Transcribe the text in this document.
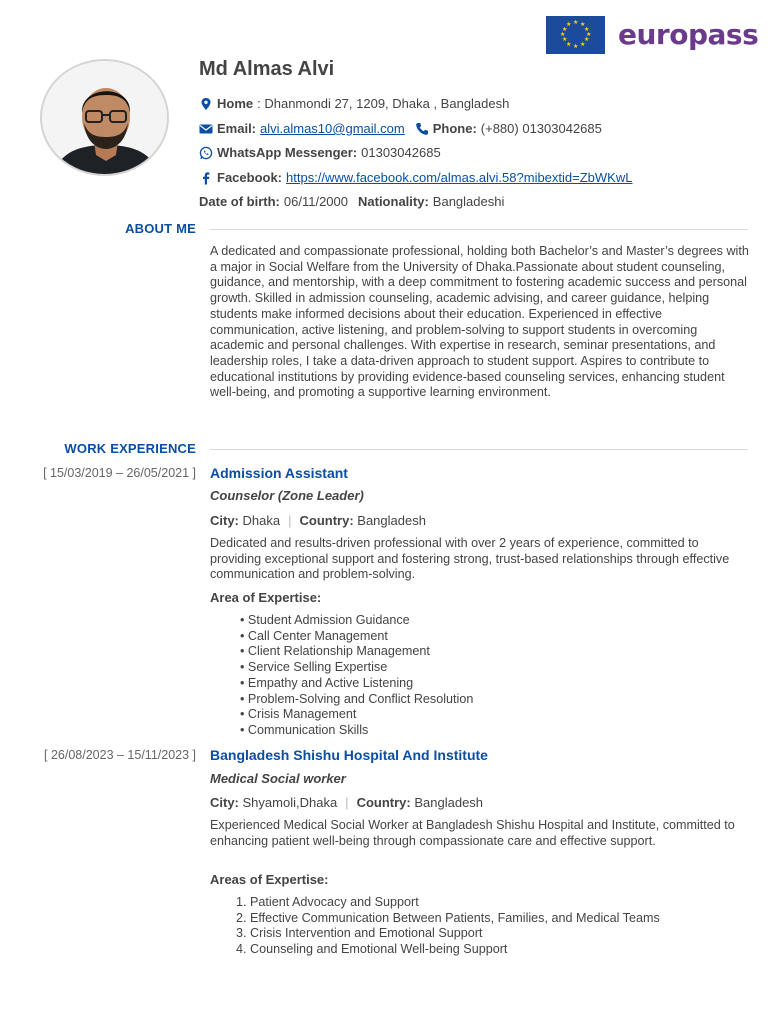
★ ★
★
★
★
★
★
★
★
★
★
★ europass
Md Almas Alvi
Home : Dhanmondi 27, 1209, Dhaka , Bangladesh
Email: alvi.almas10@gmail.com Phone: (+880) 01303042685
WhatsApp Messenger: 01303042685
Facebook: https://www.facebook.com/almas.alvi.58?mibextid=ZbWKwL
Date of birth: 06/11/2000 Nationality: Bangladeshi
ABOUT ME
A dedicated and compassionate professional, holding both Bachelor’s and Master’s degrees with a major in Social Welfare from the University of Dhaka.Passionate about student counseling, guidance, and mentorship, with a deep commitment to fostering academic success and personal growth. Skilled in admission counseling, academic advising, and career guidance, helping students make informed decisions about their education. Experienced in effective communication, active listening, and problem-solving to support students in overcoming academic and personal challenges. With expertise in research, seminar presentations, and leadership roles, I take a data-driven approach to student support. Aspires to contribute to educational institutions by providing evidence-based counseling services, enhancing student well-being, and promoting a supportive learning environment.
WORK EXPERIENCE
[ 15/03/2019 – 26/05/2021 ] Admission Assistant
Counselor (Zone Leader)
City: Dhaka | Country: Bangladesh
Dedicated and results-driven professional with over 2 years of experience, committed to providing exceptional support and fostering strong, trust-based relationships through effective communication and problem-solving.
Area of Expertise:
• Student Admission Guidance
• Call Center Management
• Client Relationship Management
• Service Selling Expertise
• Empathy and Active Listening
• Problem-Solving and Conflict Resolution
• Crisis Management
• Communication Skills
[ 26/08/2023 – 15/11/2023 ] Bangladesh Shishu Hospital And Institute
Medical Social worker
City: Shyamoli,Dhaka | Country: Bangladesh
Experienced Medical Social Worker at Bangladesh Shishu Hospital and Institute, committed to enhancing patient well-being through compassionate care and effective support.
Areas of Expertise:
Patient Advocacy and Support
Effective Communication Between Patients, Families, and Medical Teams
Crisis Intervention and Emotional Support
Counseling and Emotional Well-being Support
